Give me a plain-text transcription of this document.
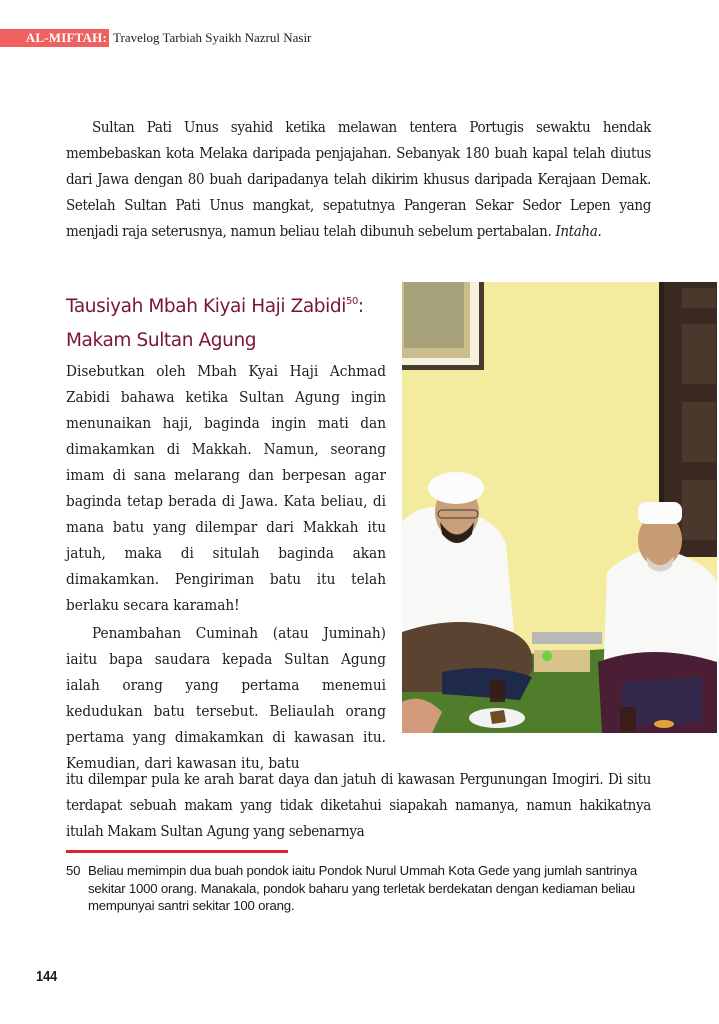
AL-MIFTAH: Travelog Tarbiah Syaikh Nazrul Nasir

Sultan Pati Unus syahid ketika melawan tentera Portugis sewaktu hendak membebaskan kota Melaka daripada penjajahan. Sebanyak 180 buah kapal telah diutus dari Jawa dengan 80 buah daripadanya telah dikirim khusus daripada Kerajaan Demak. Setelah Sultan Pati Unus mangkat, sepatutnya Pangeran Sekar Sedor Lepen yang menjadi raja seterusnya, namun beliau telah dibunuh sebelum pertabalan. Intaha.

Tausiyah Mbah Kiyai Haji Zabidi$^{50}$:
Makam Sultan Agung

Disebutkan oleh Mbah Kyai Haji Achmad Zabidi bahawa ketika Sultan Agung ingin menunaikan haji, baginda ingin mati dan dimakamkan di Makkah. Namun, seorang imam di sana melarang dan berpesan agar baginda tetap berada di Jawa. Kata beliau, di mana batu yang dilempar dari Makkah itu jatuh, maka di situlah baginda akan dimakamkan. Pengiriman batu itu telah berlaku secara karamah!

Penambahan Cuminah (atau Juminah) iaitu bapa saudara kepada Sultan Agung ialah orang yang pertama menemui kedudukan batu tersebut. Beliaulah orang pertama yang dimakamkan di kawasan itu. Kemudian, dari kawasan itu, batu

itu dilempar pula ke arah barat daya dan jatuh di kawasan Pergunungan Imogiri. Di situ terdapat sebuah makam yang tidak diketahui siapakah namanya, namun hakikatnya itulah Makam Sultan Agung yang sebenarnya

50 Beliau memimpin dua buah pondok iaitu Pondok Nurul Ummah Kota Gede yang jumlah santrinya sekitar 1000 orang. Manakala, pondok baharu yang terletak berdekatan dengan kediaman beliau mempunyai santri sekitar 100 orang.
144
